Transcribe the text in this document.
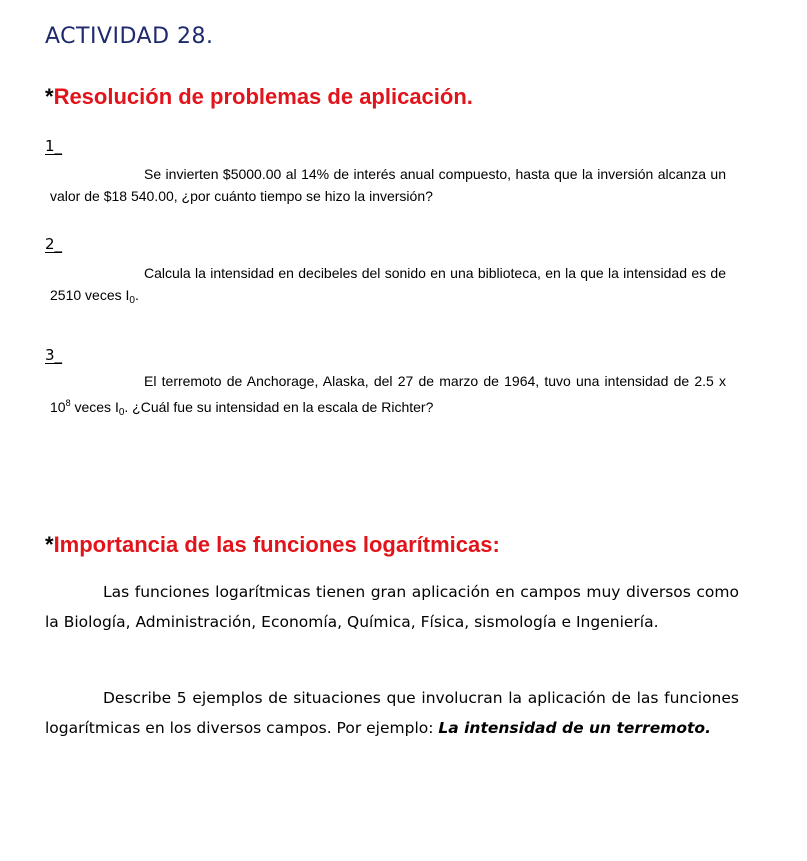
ACTIVIDAD 28.
*Resolución de problemas de aplicación.
1_
Se invierten $5000.00 al 14% de interés anual compuesto, hasta que la inversión alcanza un valor de $18 540.00, ¿por cuánto tiempo se hizo la inversión?
2_
Calcula la intensidad en decibeles del sonido en una biblioteca, en la que la intensidad es de 2510 veces $I_0$.
3_
El terremoto de Anchorage, Alaska, del 27 de marzo de 1964, tuvo una intensidad de 2.5 x $10^8$ veces $I_0$. ¿Cuál fue su intensidad en la escala de Richter?
*Importancia de las funciones logarítmicas:
Las funciones logarítmicas tienen gran aplicación en campos muy diversos como la Biología, Administración, Economía, Química, Física, sismología e Ingeniería.
Describe 5 ejemplos de situaciones que involucran la aplicación de las funciones logarítmicas en los diversos campos. Por ejemplo: La intensidad de un terremoto.
